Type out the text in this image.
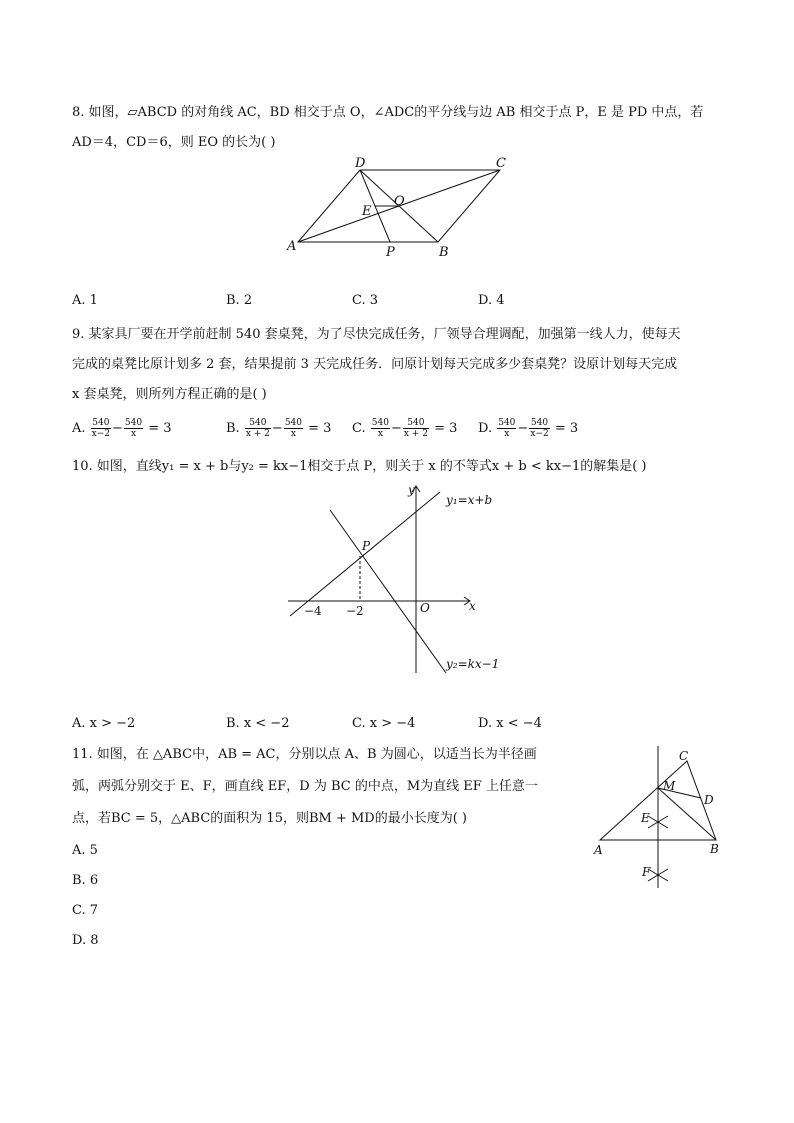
8. 如图，▱ABCD 的对角线 AC，BD 相交于点 O，∠ADC的平分线与边 AB 相交于点 P，E 是 PD 中点，若
AD＝4，CD＝6，则 EO 的长为( )
A	B
C
D
E
O
P
A. 1	B. 2	C. 3	D. 4
9. 某家具厂要在开学前赶制 540 套桌凳，为了尽快完成任务，厂领导合理调配，加强第一线人力，使每天
完成的桌凳比原计划多 2 套，结果提前 3 天完成任务．问原计划每天完成多少套桌凳？设原计划每天完成
x 套桌凳，则所列方程正确的是( )
A. $\frac{540}{x-2} - \frac{540}{x} = 3$	B. $\frac{540}{x + 2} - \frac{540}{x} = 3$ C. $\frac{540}{x} - \frac{540}{x + 2} = 3$ D. $\frac{540}{x} - \frac{540}{x-2} = 3$
10. 如图，直线y₁ = x + b与y₂ = kx−1相交于点 P，则关于 x 的不等式x + b < kx−1的解集是( )
y
x
O
P
−4 −2
y₁=x+b
y₂=kx−1
A. x > −2	B. x < −2	C. x > −4	D. x < −4
11. 如图，在 △ABC中，AB = AC，分别以点 A、B 为圆心，以适当长为半径画
弧，两弧分别交于 E、F，画直线 EF，D 为 BC 的中点，M为直线 EF 上任意一
点，若BC = 5，△ABC的面积为 15，则BM + MD的最小长度为( )
A	B
C
D
E
F
M
A. 5
B. 6
C. 7
D. 8
